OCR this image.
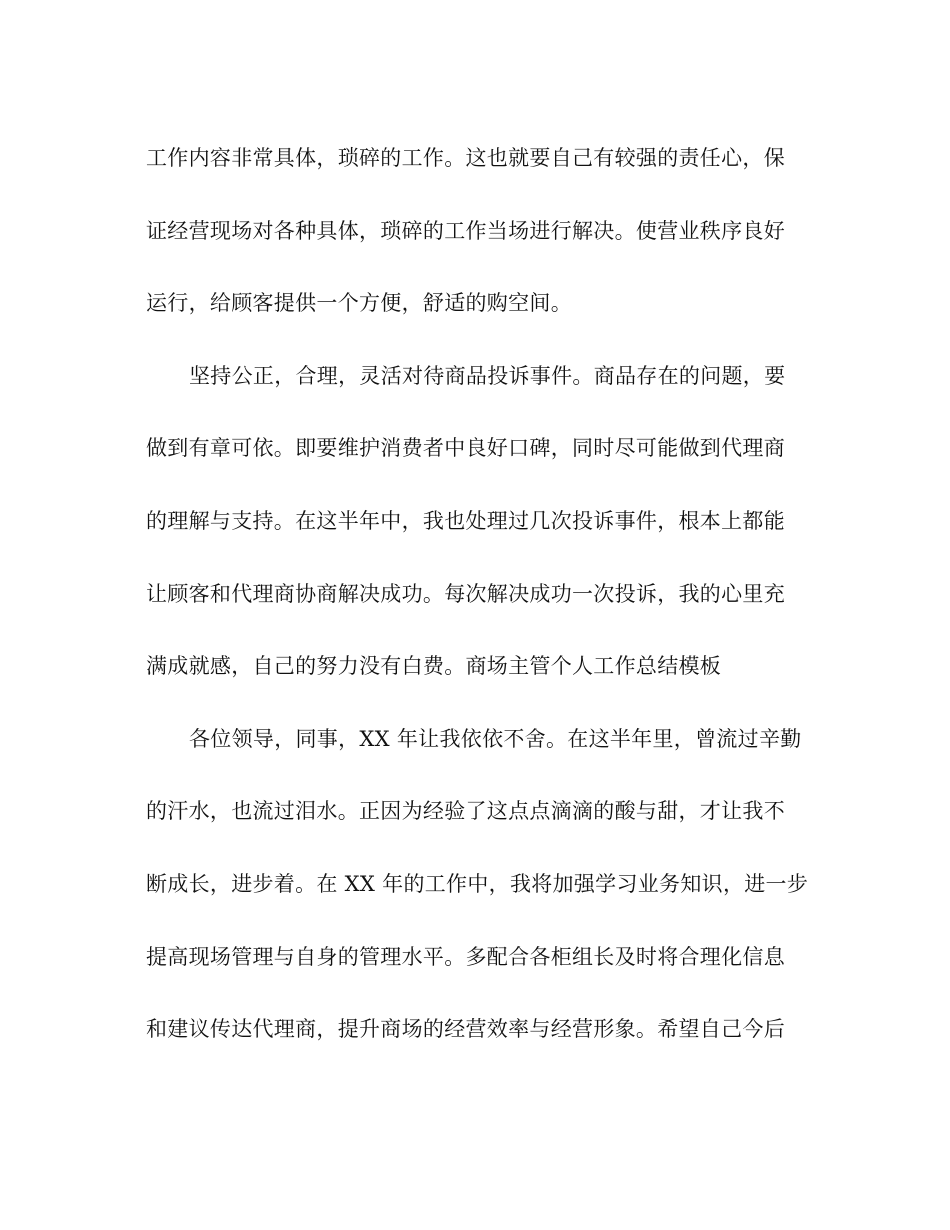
工作内容非常具体，琐碎的工作。这也就要自己有较强的责任心，保
证经营现场对各种具体，琐碎的工作当场进行解决。使营业秩序良好
运行，给顾客提供一个方便，舒适的购空间。
坚持公正，合理，灵活对待商品投诉事件。商品存在的问题，要
做到有章可依。即要维护消费者中良好口碑，同时尽可能做到代理商
的理解与支持。在这半年中，我也处理过几次投诉事件，根本上都能
让顾客和代理商协商解决成功。每次解决成功一次投诉，我的心里充
满成就感，自己的努力没有白费。商场主管个人工作总结模板
各位领导，同事，XX 年让我依依不舍。在这半年里，曾流过辛勤
的汗水，也流过泪水。正因为经验了这点点滴滴的酸与甜，才让我不
断成长，进步着。在 XX 年的工作中，我将加强学习业务知识，进一步
提高现场管理与自身的管理水平。多配合各柜组长及时将合理化信息
和建议传达代理商，提升商场的经营效率与经营形象。希望自己今后
